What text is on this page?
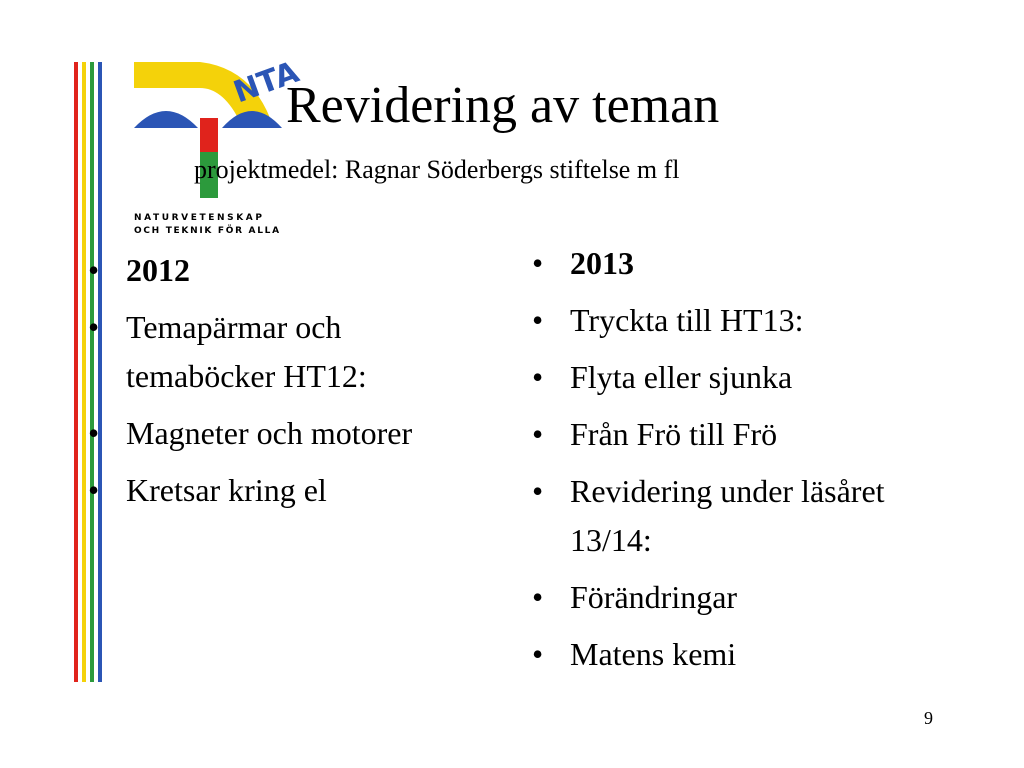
NTA
NATURVETENSKAP
OCH TEKNIK FÖR ALLA
Revidering av teman
projektmedel: Ragnar Söderbergs stiftelse m fl
• 2012
• Temapärmar och temaböcker HT12:
• Magneter och motorer
• Kretsar kring el
• 2013
• Tryckta till HT13:
• Flyta eller sjunka
• Från Frö till Frö
• Revidering under läsåret 13/14:
• Förändringar
• Matens kemi
9
